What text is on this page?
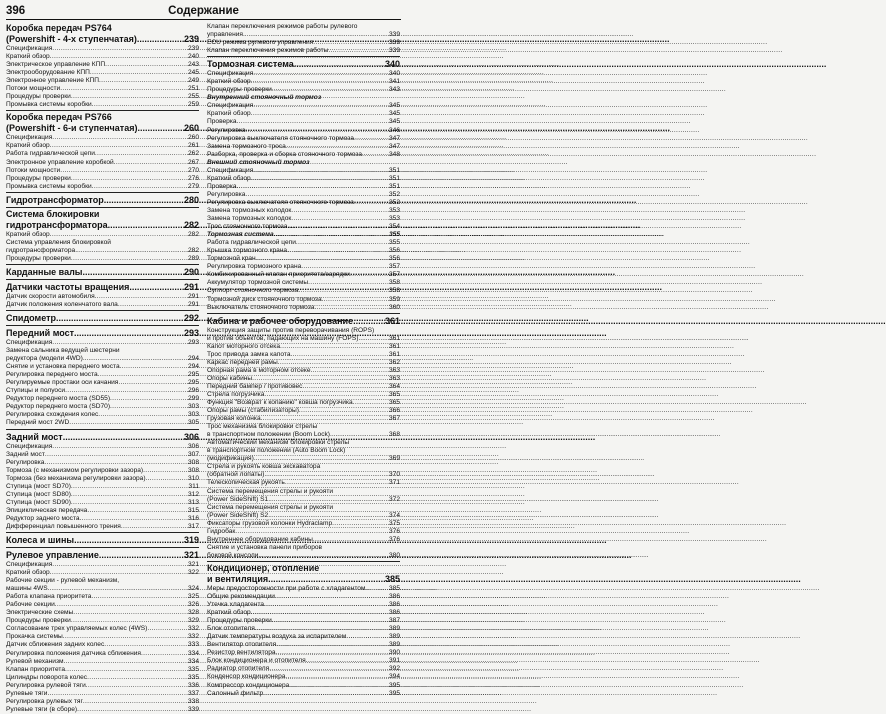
396	Содержание
Коробка передач PS764
(Powershift - 4-х ступенчатая) .....	239
Спецификация .....	239
Краткий обзор .....	240
Электрическое управление КПП .....	243
Электрооборудование КПП .....	245
Электронное управление КПП .....	249
Потоки мощности .....	251
Процедуры проверки .....	255
Промывка системы коробки .....	259
Коробка передач PS766
(Powershift - 6-и ступенчатая) .....	260
Спецификация .....	260
Краткий обзор .....	261
Работа гидравлической цепи .....	262
Электронное управление коробкой .....	267
Потоки мощности .....	270
Процедуры проверки .....	276
Промывка системы коробки .....	279
Гидротрансформатор .....	280
Система блокировки
гидротрансформатора .....	282
Краткий обзор .....	282
Система управления блокировкой
гидротрансформатора .....	282
Процедуры проверки .....	289
Карданные валы .....	290
Датчики частоты вращения .....	291
Датчик скорости автомобиля .....	291
Датчик положения коленчатого вала .....	291
Спидометр .....	292
Передний мост .....	293
Спецификация .....	293
Замена сальника ведущей шестерни
редуктора (модели 4WD) .....	294
Снятие и установка переднего моста .....	294
Регулировка переднего моста .....	295
Регулируемые простаки оси качания .....	295
Ступицы и полуоси .....	296
Редуктор переднего моста (SD55) .....	299
Редуктор переднего моста (SD70) .....	303
Регулировка схождения колес .....	303
Передний мост 2WD .....	305
Задний мост .....	306
Спецификация .....	306
Задний мост .....	307
Регулировка .....	308
Тормоза (с механизмом регулировки зазора) .....	308
Тормоза (без механизма регулировки зазора) .....	310
Ступица (мост SD70) .....	311
Ступица (мост SD80) .....	312
Ступица (мост SD90) .....	313
Эпициклическая передача .....	315
Редуктор заднего моста .....	316
Дифференциал повышенного трения .....	317
Колеса и шины .....	319
Рулевое управление .....	321
Спецификация .....	321
Краткий обзор .....	322
Рабочие секции - рулевой механизм,
машины 4WS .....	324
Работа клапана приоритета .....	325
Рабочие секции .....	326
Электрические схемы .....	328
Процедуры проверки .....	329
Согласование трех управляемых колес (4WS) .....	332
Прокачка системы .....	332
Датчик сближения задних колес .....	333
Регулировка положения датчика сближения .....	334
Рулевой механизм .....	334
Клапан приоритета .....	335
Цилиндры поворота колес .....	335
Регулировка рулевой тяги .....	336
Рулевые тяги .....	337
Регулировка рулевых тяг .....	338
Рулевые тяги (в сборе) .....	339
Клапан переключения режимов работы рулевого
управления .....	339
ECU режима рулевого управления .....	339
Клапан переключения режимов работы .....	339
Тормозная система .....	340
Спецификация .....	340
Краткий обзор .....	341
Процедуры проверки .....	343
Внутренний стояночный тормоз
Спецификация .....	345
Краткий обзор .....	345
Проверка .....	345
Регулировка .....	346
Регулировка выключателя стояночного тормоза .....	347
Замена тормозного троса .....	347
Разборка, проверка и сборка стояночного тормоза .....	348
Внешний стояночный тормоз
Спецификация .....	351
Краткий обзор .....	351
Проверка .....	351
Регулировка .....	352
Регулировка выключателя стояночного тормоза .....	352
Замена тормозных колодок .....	353
Замена тормозных колодок .....	353
Трос стояночного тормоза .....	354
Тормозная система .....	355
Работа гидравлической цепи .....	355
Крышка тормозного крана .....	356
Тормозной кран .....	356
Регулировка тормозного крана .....	357
Комбинированный клапан приоритета/зарядки .....	357
Аккумулятор тормозной системы .....	358
Суппорт стояночного тормоза .....	358
Тормозной диск стояночного тормоза .....	359
Выключатель стояночного тормоза .....	360
Кабина и рабочее оборудование .....	361
Конструкция защиты против переворачивания (ROPS)
и против объектов, падающих на машину (FOPS) .....	361
Капот моторного отсека .....	361
Трос привода замка капота .....	361
Каркас передней рамы .....	362
Опорная рама в моторном отсеке .....	363
Опоры кабины .....	363
Передний бампер / противовес .....	364
Стрела погрузчика .....	365
Функция "Возврат к копанию" ковша погрузчика .....	365
Опоры рамы (стабилизаторы) .....	366
Грузовая колонка .....	367
Трос механизма блокировки стрелы
в транспортном положении (Boom Lock) .....	368
Автоматический механизм блокировки стрелы
в транспортном положении (Auto Boom Lock)
(модификация) .....	369
Стрела и рукоять ковша экскаватора
(обратной лопаты) .....	370
Телескопическая рукоять .....	371
Система перемещения стрелы и рукояти
(Power SideShift) S1 .....	372
Система перемещения стрелы и рукояти
(Power SideShift) S2 .....	374
Фиксаторы грузовой колонки Hydraclamp .....	375
Гидробак .....	376
Внутреннее оборудование кабины .....	376
Снятие и установка панели приборов
боковой консоли .....	380
Кондиционер, отопление
и вентиляция .....	385
Меры предосторожности при работе с хладагентом .....	385
Общие рекомендации .....	386
Утечка хладагента .....	386
Краткий обзор .....	386
Процедуры проверки .....	387
Блок отопителя .....	389
Датчик температуры воздуха за испарителем .....	389
Вентилятор отопителя .....	389
Резистор вентилятора .....	390
Блок кондиционера и отопителя .....	391
Радиатор отопителя .....	392
Конденсор кондиционера .....	394
Компрессор кондиционера .....	395
Салонный фильтр .....	395
